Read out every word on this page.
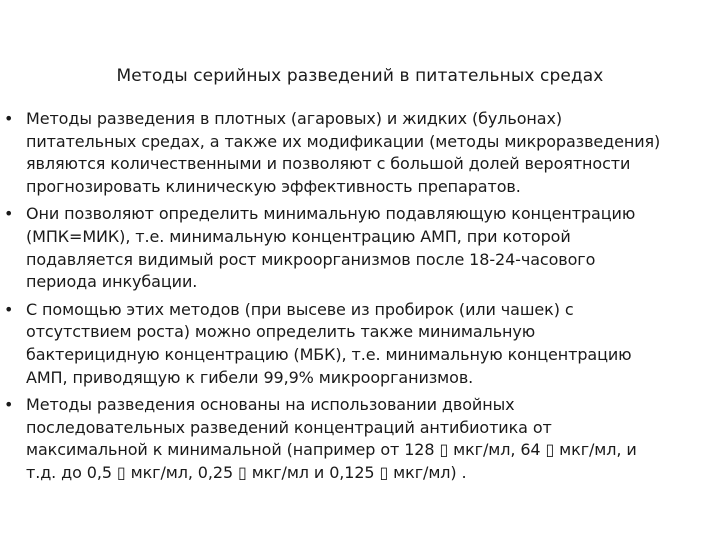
Методы серийных разведений в питательных средах
• Методы разведения в плотных (агаровых) и жидких (бульонах)
питательных средах, а также их модификации (методы микроразведения)
являются количественными и позволяют с большой долей вероятности
прогнозировать клиническую эффективность препаратов.
• Они позволяют определить минимальную подавляющую концентрацию
(МПК=МИК), т.е. минимальную концентрацию АМП, при которой
подавляется видимый рост микроорганизмов после 18-24-часового
периода инкубации.
• С помощью этих методов (при высеве из пробирок (или чашек) с
отсутствием роста) можно определить также минимальную
бактерицидную концентрацию (МБК), т.е. минимальную концентрацию
АМП, приводящую к гибели 99,9% микроорганизмов.
• Методы разведения основаны на использовании двойных
последовательных разведений концентраций антибиотика от
максимальной к минимальной (например от 128 ▯ мкг/мл, 64 ▯ мкг/мл, и
т.д. до 0,5 ▯ мкг/мл, 0,25 ▯ мкг/мл и 0,125 ▯ мкг/мл) .
